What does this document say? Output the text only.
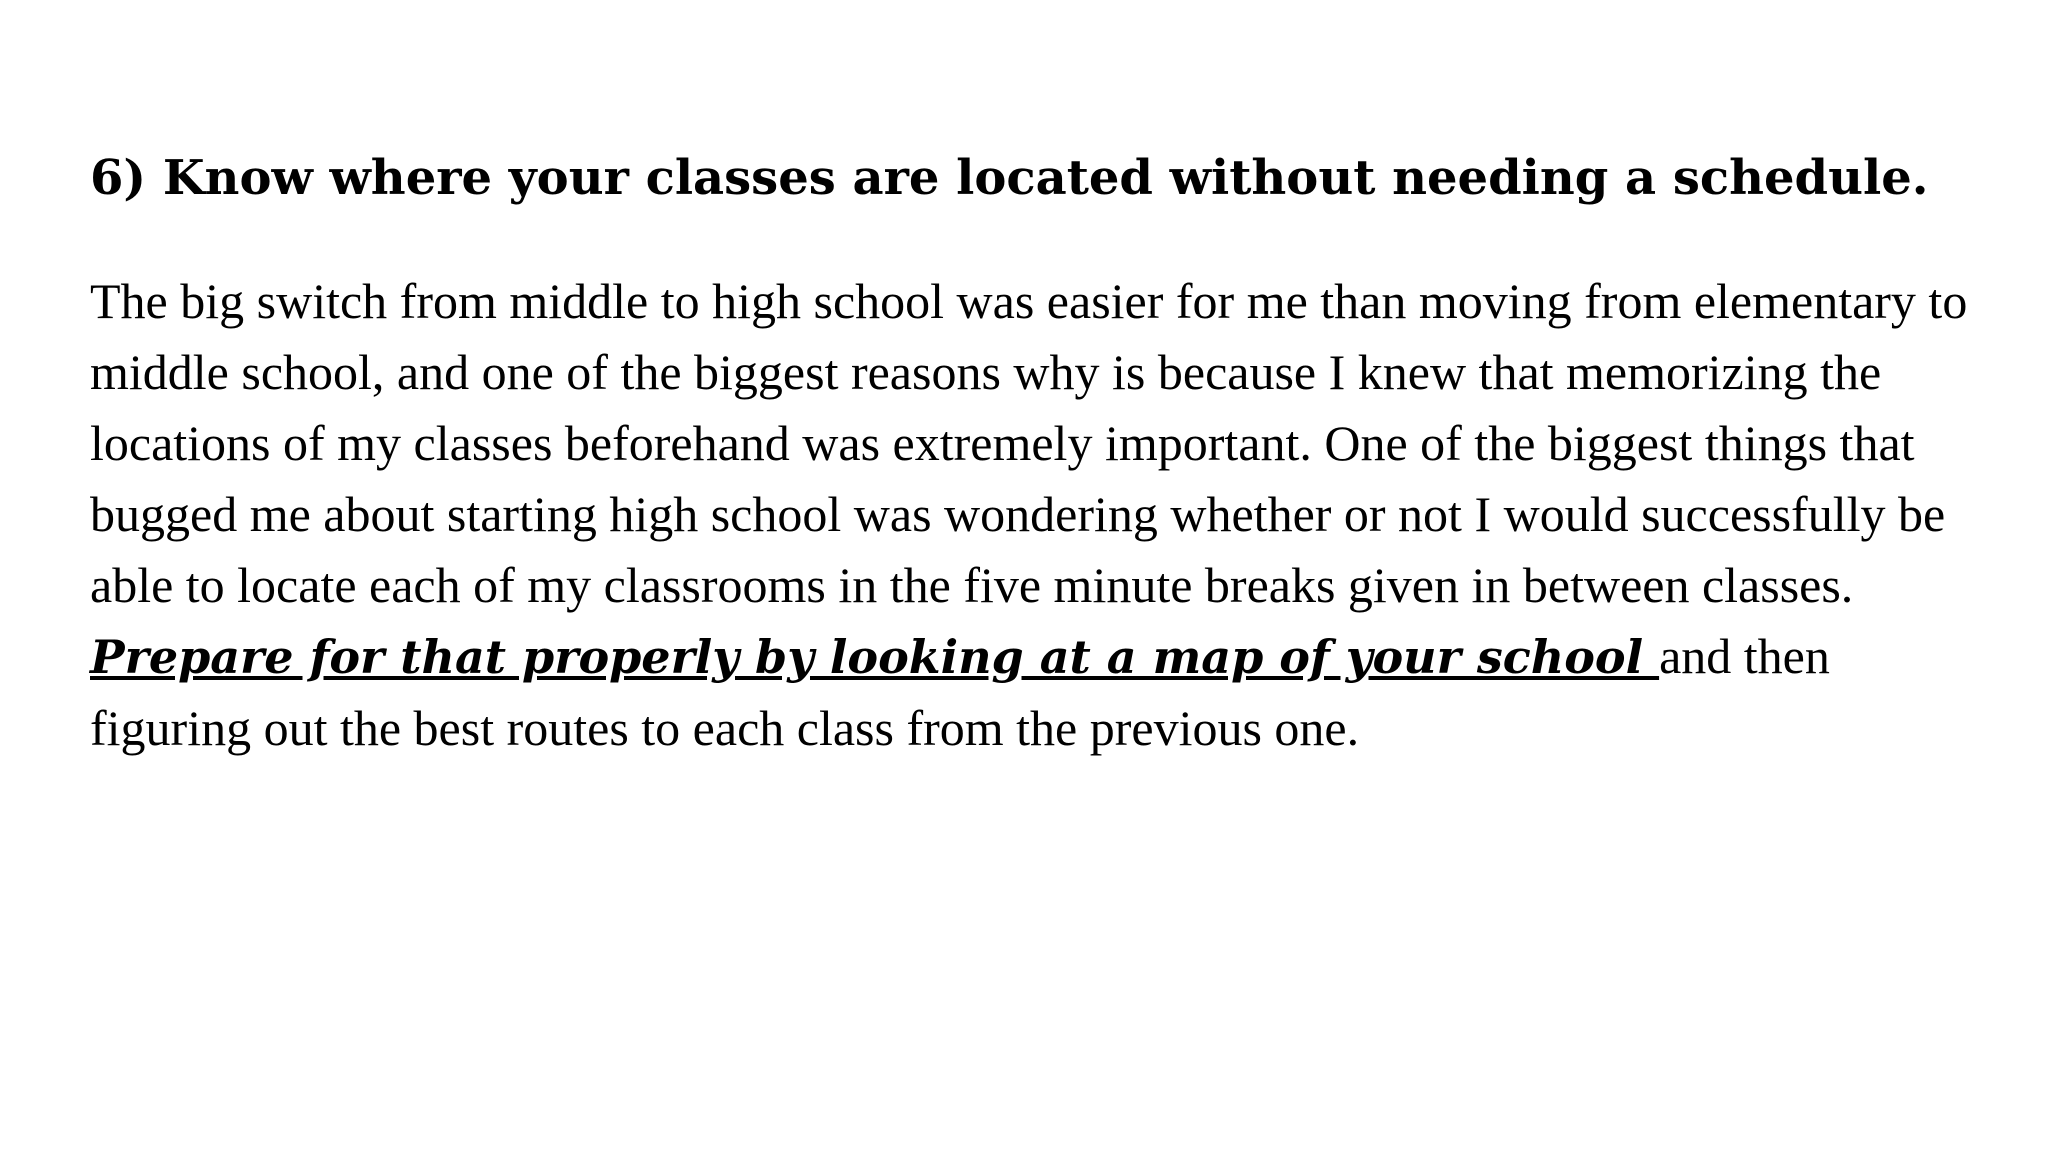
6) Know where your classes are located without needing a schedule.

The big switch from middle to high school was easier for me than moving from elementary to middle school, and one of the biggest reasons why is because I knew that memorizing the locations of my classes beforehand was extremely important. One of the biggest things that bugged me about starting high school was wondering whether or not I would successfully be able to locate each of my classrooms in the five minute breaks given in between classes. Prepare for that properly by looking at a map of your school and then figuring out the best routes to each class from the previous one.
